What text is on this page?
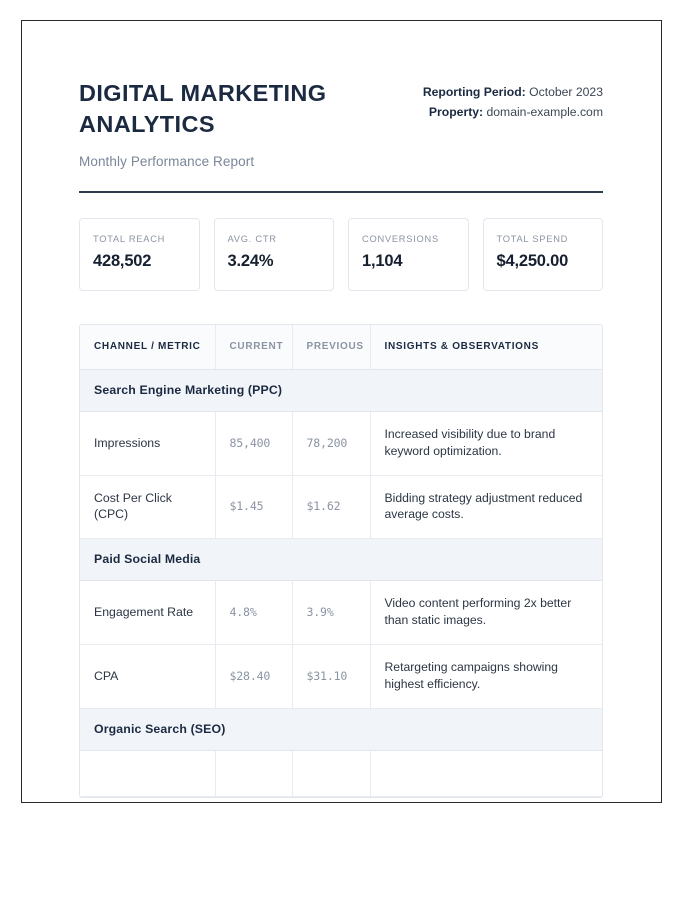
DIGITAL MARKETING ANALYTICS
Monthly Performance Report
Reporting Period: October 2023
Property: domain-example.com
TOTAL REACH
428,502
AVG. CTR
3.24%
CONVERSIONS
1,104
TOTAL SPEND
$4,250.00
CHANNEL / METRIC	CURRENT	PREVIOUS	INSIGHTS & OBSERVATIONS
Search Engine Marketing (PPC)			
Impressions	85,400	78,200	Increased visibility due to brand keyword optimization.
Cost Per Click (CPC)	$1.45	$1.62	Bidding strategy adjustment reduced average costs.
Paid Social Media			
Engagement Rate	4.8%	3.9%	Video content performing 2x better than static images.
CPA	$28.40	$31.10	Retargeting campaigns showing highest efficiency.
Organic Search (SEO)			
